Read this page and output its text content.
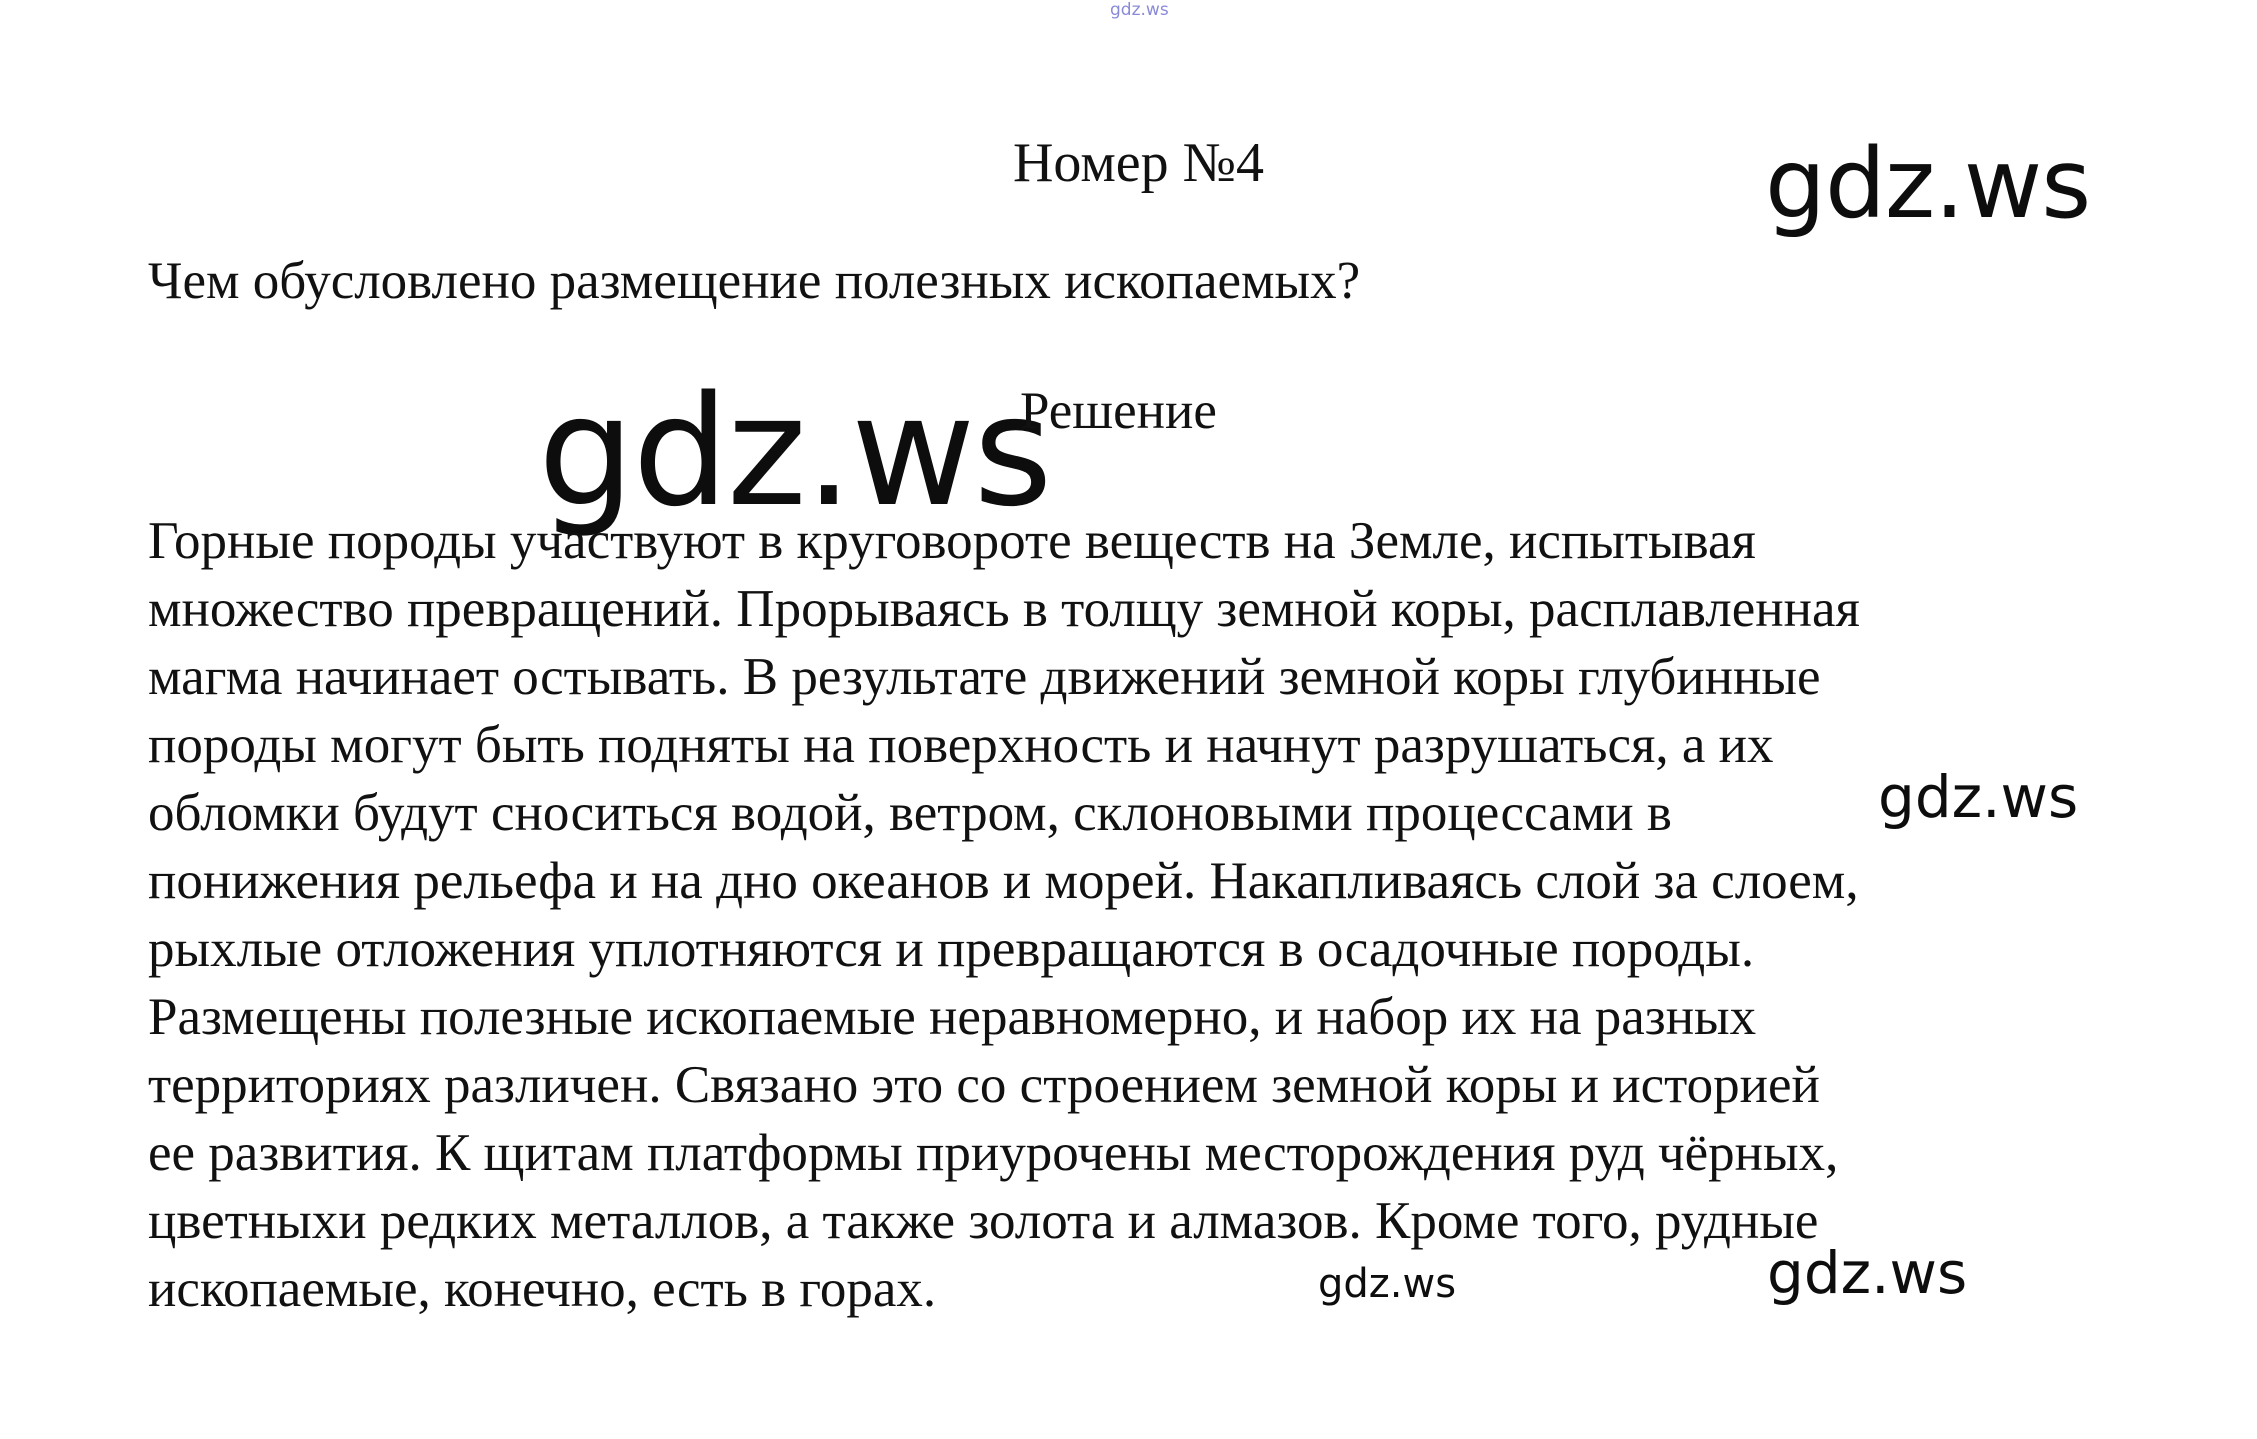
gdz.ws
Номер №4	gdz.ws

Чем обусловлено размещение полезных ископаемых?

gdz.ws

Решение

Горные породы участвуют в круговороте веществ на Земле, испытывая
множество превращений. Прорываясь в толщу земной коры, расплавленная
магма начинает остывать. В результате движений земной коры глубинные
породы могут быть подняты на поверхность и начнут разрушаться, а их
обломки будут сноситься водой, ветром, склоновыми процессами в
понижения рельефа и на дно океанов и морей. Накапливаясь слой за слоем,
рыхлые отложения уплотняются и превращаются в осадочные породы.
Размещены полезные ископаемые неравномерно, и набор их на разных
территориях различен. Связано это со строением земной коры и историей
ее развития. К щитам платформы приурочены месторождения руд чёрных,
цветныхи редких металлов, а также золота и алмазов. Кроме того, рудные
ископаемые, конечно, есть в горах.
gdz.ws
gdz.ws	gdz.ws
